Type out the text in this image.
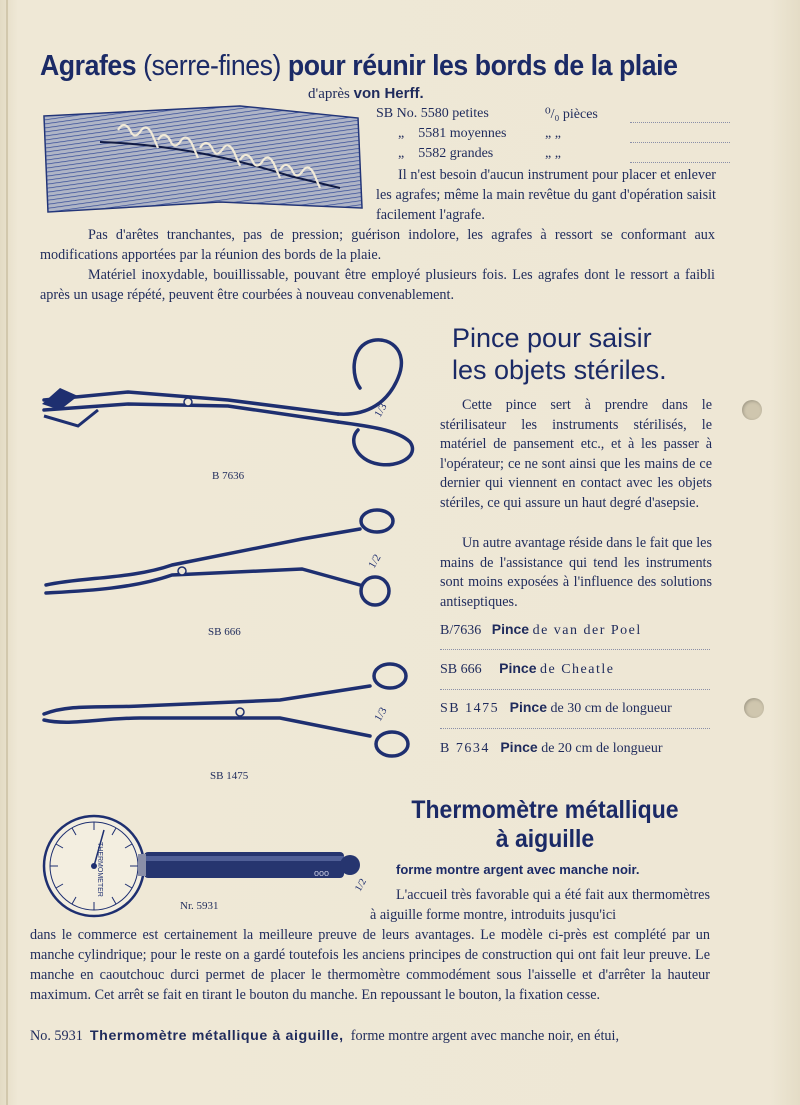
Agrafes (serre-fines) pour réunir les bords de la plaie
d'après von Herff.
SB No. 5580 petites	⁰/₀ pièces
„ 5581 moyennes	„ „
„ 5582 grandes	„ „
Il n'est besoin d'aucun instrument pour placer et enlever les agrafes; même la main revêtue du gant d'opération saisit facilement l'agrafe.
Pas d'arêtes tranchantes, pas de pression; guérison indolore, les agrafes à ressort se conformant aux modifications apportées par la réunion des bords de la plaie.
Matériel inoxydable, bouillissable, pouvant être employé plusieurs fois. Les agrafes dont le ressort a faibli après un usage répété, peuvent être courbées à nouveau convenablement.
Pince pour saisir
les objets stériles.
1/3
B 7636
1/2
SB 666
1/3
SB 1475
Cette pince sert à prendre dans le stérilisateur les instruments stérilisés, le matériel de pansement etc., et à les passer à l'opérateur; ce ne sont ainsi que les mains de ce dernier qui viennent en contact avec les objets stériles, ce qui assure un haut degré d'asepsie.
Un autre avantage réside dans le fait que les mains de l'assistance qui tend les instruments sont moins exposées à l'influence des solutions antiseptiques.
B/7636 Pince de van der Poel
SB 666 Pince de Cheatle
SB 1475 Pince de 30 cm de longueur
B 7634 Pince de 20 cm de longueur
Thermomètre métallique
à aiguille
forme montre argent avec manche noir.
THERMOMETER	ooo
1/2
Nr. 5931
L'accueil très favorable qui a été fait aux thermomètres à aiguille forme montre, introduits jusqu'ici
dans le commerce est certainement la meilleure preuve de leurs avantages. Le modèle ci-près est complété par un manche cylindrique; pour le reste on a gardé toutefois les anciens principes de construction qui ont fait leur preuve. Le manche en caoutchouc durci permet de placer le thermomètre commodément sous l'aisselle et d'arrêter la hauteur maximum. Cet arrêt se fait en tirant le bouton du manche. En repoussant le bouton, la fixation cesse.
No. 5931 Thermomètre métallique à aiguille, forme montre argent avec manche noir, en étui,
